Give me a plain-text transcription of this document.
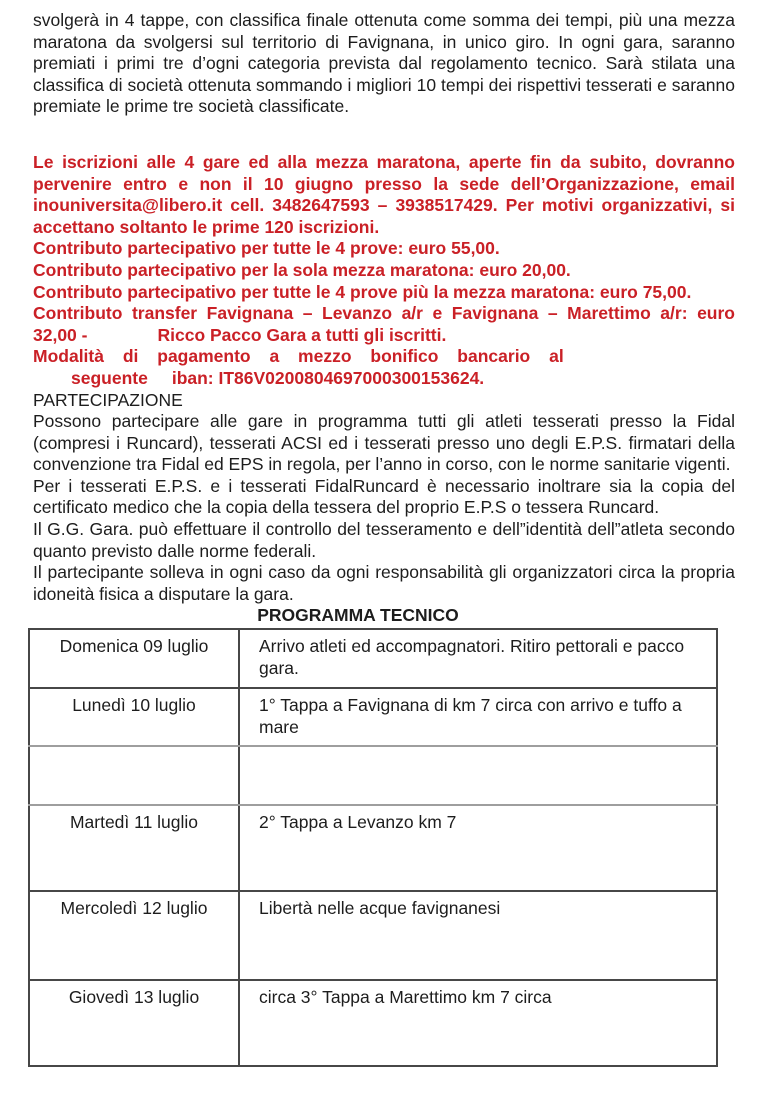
svolgerà in 4 tappe, con classifica finale ottenuta come somma dei tempi, più una mezza maratona da svolgersi sul territorio di Favignana, in unico giro. In ogni gara, saranno premiati i primi tre d’ogni categoria prevista dal regolamento tecnico. Sarà stilata una classifica di società ottenuta sommando i migliori 10 tempi dei rispettivi tesserati e saranno premiate le prime tre società classificate.

Le iscrizioni alle 4 gare ed alla mezza maratona, aperte fin da subito, dovranno pervenire entro e non il 10 giugno presso la sede dell’Organizzazione, email inouniversita@libero.it cell. 3482647593 – 3938517429. Per motivi organizzativi, si accettano soltanto le prime 120 iscrizioni.

Contributo partecipativo per tutte le 4 prove: euro 55,00.

Contributo partecipativo per la sola mezza maratona: euro 20,00.

Contributo partecipativo per tutte le 4 prove più la mezza maratona: euro 75,00.

Contributo transfer Favignana – Levanzo a/r e Favignana – Marettimo a/r: euro

32,00 -	Ricco Pacco Gara a tutti gli iscritti.

Modalità di pagamento a mezzo bonifico bancario al

seguente iban: IT86V0200804697000300153624.

PARTECIPAZIONE

Possono partecipare alle gare in programma tutti gli atleti tesserati presso la Fidal (compresi i Runcard), tesserati ACSI ed i tesserati presso uno degli E.P.S. firmatari della convenzione tra Fidal ed EPS in regola, per l’anno in corso, con le norme sanitarie vigenti.

Per i tesserati E.P.S. e i tesserati FidalRuncard è necessario inoltrare sia la copia del certificato medico che la copia della tessera del proprio E.P.S o tessera Runcard.

Il G.G. Gara. può effettuare il controllo del tesseramento e dell”identità dell”atleta secondo quanto previsto dalle norme federali.

Il partecipante solleva in ogni caso da ogni responsabilità gli organizzatori circa la propria idoneità fisica a disputare la gara.

PROGRAMMA TECNICO

Domenica 09 luglio	Arrivo atleti ed accompagnatori. Ritiro pettorali e pacco gara.
Lunedì 10 luglio	1° Tappa a Favignana di km 7 circa con arrivo e tuffo a mare

Martedì 11 luglio	2° Tappa a Levanzo km 7
Mercoledì 12 luglio	Libertà nelle acque favignanesi
Giovedì 13 luglio	circa 3° Tappa a Marettimo km 7 circa
